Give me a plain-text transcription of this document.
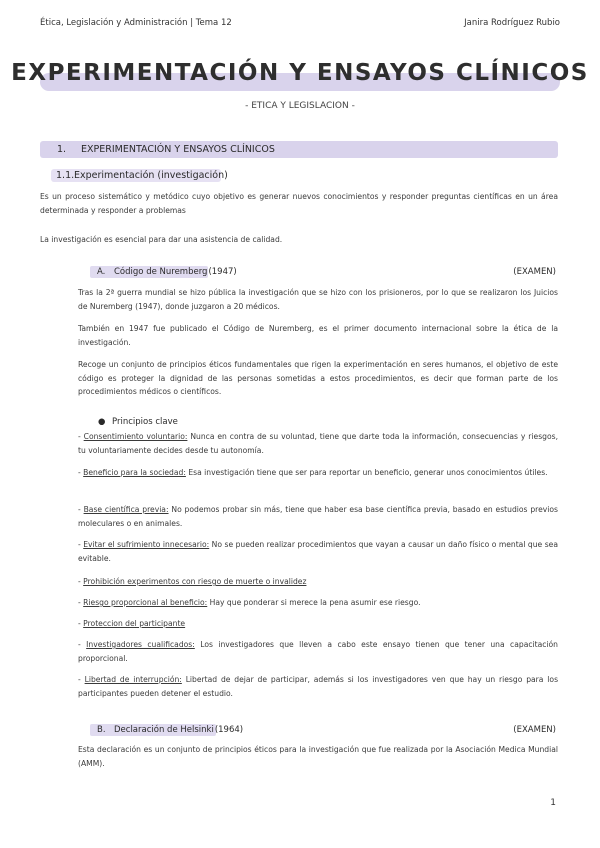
Ética, Legislación y Administración | Tema 12	Janira Rodríguez Rubio
EXPERIMENTACIÓN Y ENSAYOS CLÍNICOS
- ETICA Y LEGISLACION -
1. EXPERIMENTACIÓN Y ENSAYOS CLÍNICOS
1.1.Experimentación (investigación)
Es un proceso sistemático y metódico cuyo objetivo es generar nuevos conocimientos y responder preguntas científicas en un área determinada y responder a problemas
La investigación es esencial para dar una asistencia de calidad.
A. Código de Nuremberg(1947)	(EXAMEN)
Tras la 2ª guerra mundial se hizo pública la investigación que se hizo con los prisioneros, por lo que se realizaron los Juicios de Nuremberg (1947), donde juzgaron a 20 médicos.
También en 1947 fue publicado el Código de Nuremberg, es el primer documento internacional sobre la ética de la investigación.
Recoge un conjunto de principios éticos fundamentales que rigen la experimentación en seres humanos, el objetivo de este código es proteger la dignidad de las personas sometidas a estos procedimientos, es decir que forman parte de los procedimientos médicos o científicos.
● Principios clave
- Consentimiento voluntario: Nunca en contra de su voluntad, tiene que darte toda la información, consecuencias y riesgos, tu voluntariamente decides desde tu autonomía.
- Beneficio para la sociedad: Esa investigación tiene que ser para reportar un beneficio, generar unos conocimientos útiles.
- Base científica previa: No podemos probar sin más, tiene que haber esa base científica previa, basado en estudios previos moleculares o en animales.
- Evitar el sufrimiento innecesario: No se pueden realizar procedimientos que vayan a causar un daño físico o mental que sea evitable.
- Prohibición experimentos con riesgo de muerte o invalidez
- Riesgo proporcional al beneficio: Hay que ponderar si merece la pena asumir ese riesgo.
- Proteccion del participante
- Investigadores cualificados: Los investigadores que lleven a cabo este ensayo tienen que tener una capacitación proporcional.
- Libertad de interrupción: Libertad de dejar de participar, además si los investigadores ven que hay un riesgo para los participantes pueden detener el estudio.
B. Declaración de Helsinki(1964)	(EXAMEN)
Esta declaración es un conjunto de principios éticos para la investigación que fue realizada por la Asociación Medica Mundial (AMM).
1
